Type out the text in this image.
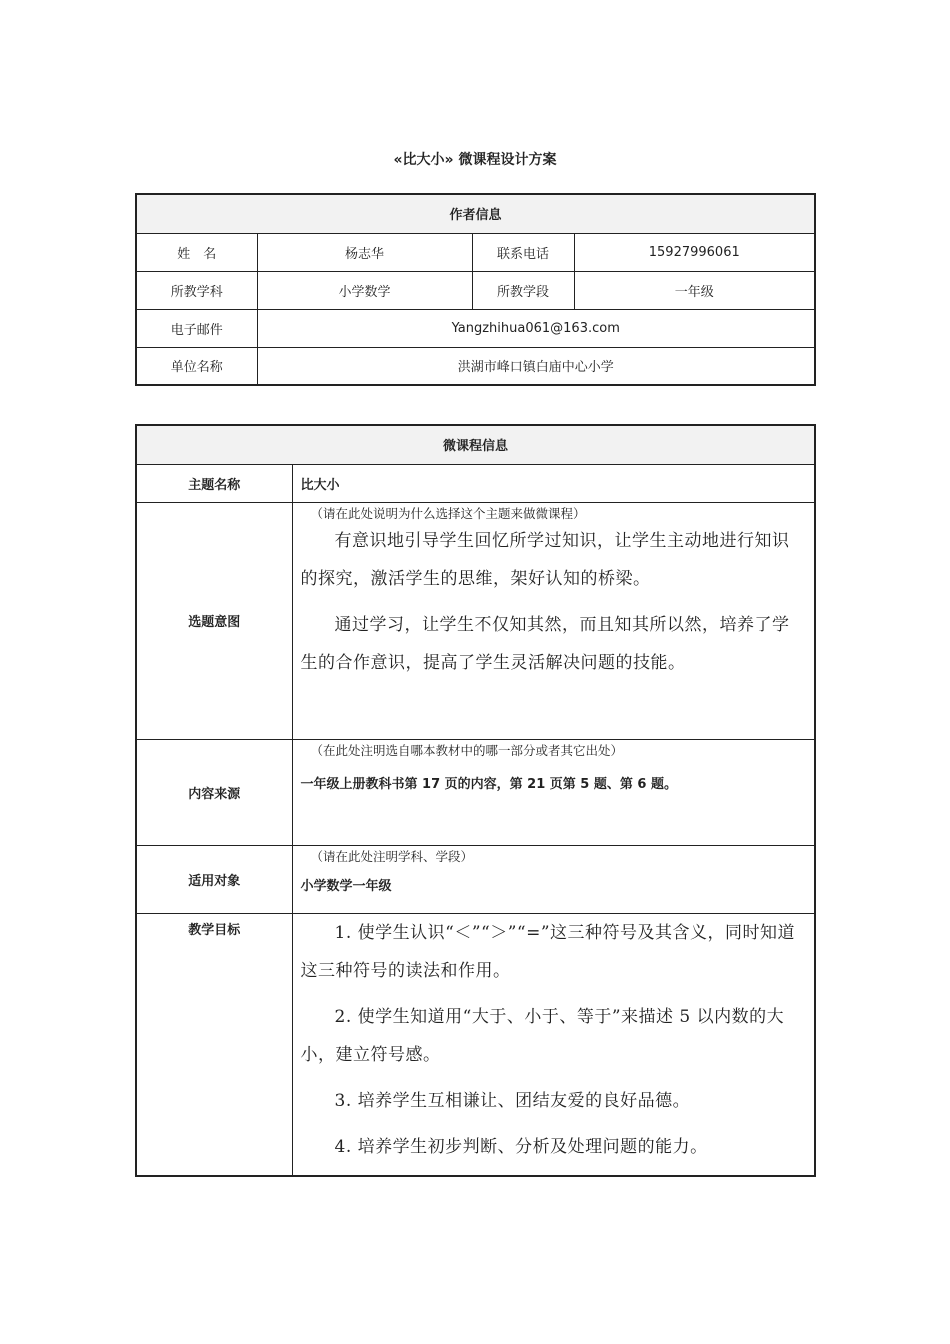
«比大小» 微课程设计方案
作者信息			
姓　名	杨志华	联系电话	15927996061
所教学科	小学数学	所教学段	一年级
电子邮件	Yangzhihua061@163.com		
单位名称	洪湖市峰口镇白庙中心小学		
微课程信息	
主题名称	比大小
选题意图	（请在此处说明为什么选择这个主题来做微课程）

有意识地引导学生回忆所学过知识，让学生主动地进行知识的探究，激活学生的思维，架好认知的桥梁。

通过学习，让学生不仅知其然，而且知其所以然，培养了学生的合作意识，提高了学生灵活解决问题的技能。

内容来源	（在此处注明选自哪本教材中的哪一部分或者其它出处）
一年级上册教科书第 17 页的内容，第 21 页第 5 题、第 6 题。

适用对象	（请在此处注明学科、学段）
小学数学一年级

教学目标	1. 使学生认识“＜”“＞”“=”这三种符号及其含义，同时知道这三种符号的读法和作用。

2. 使学生知道用“大于、小于、等于”来描述 5 以内数的大小，建立符号感。

3. 培养学生互相谦让、团结友爱的良好品德。

4. 培养学生初步判断、分析及处理问题的能力。
